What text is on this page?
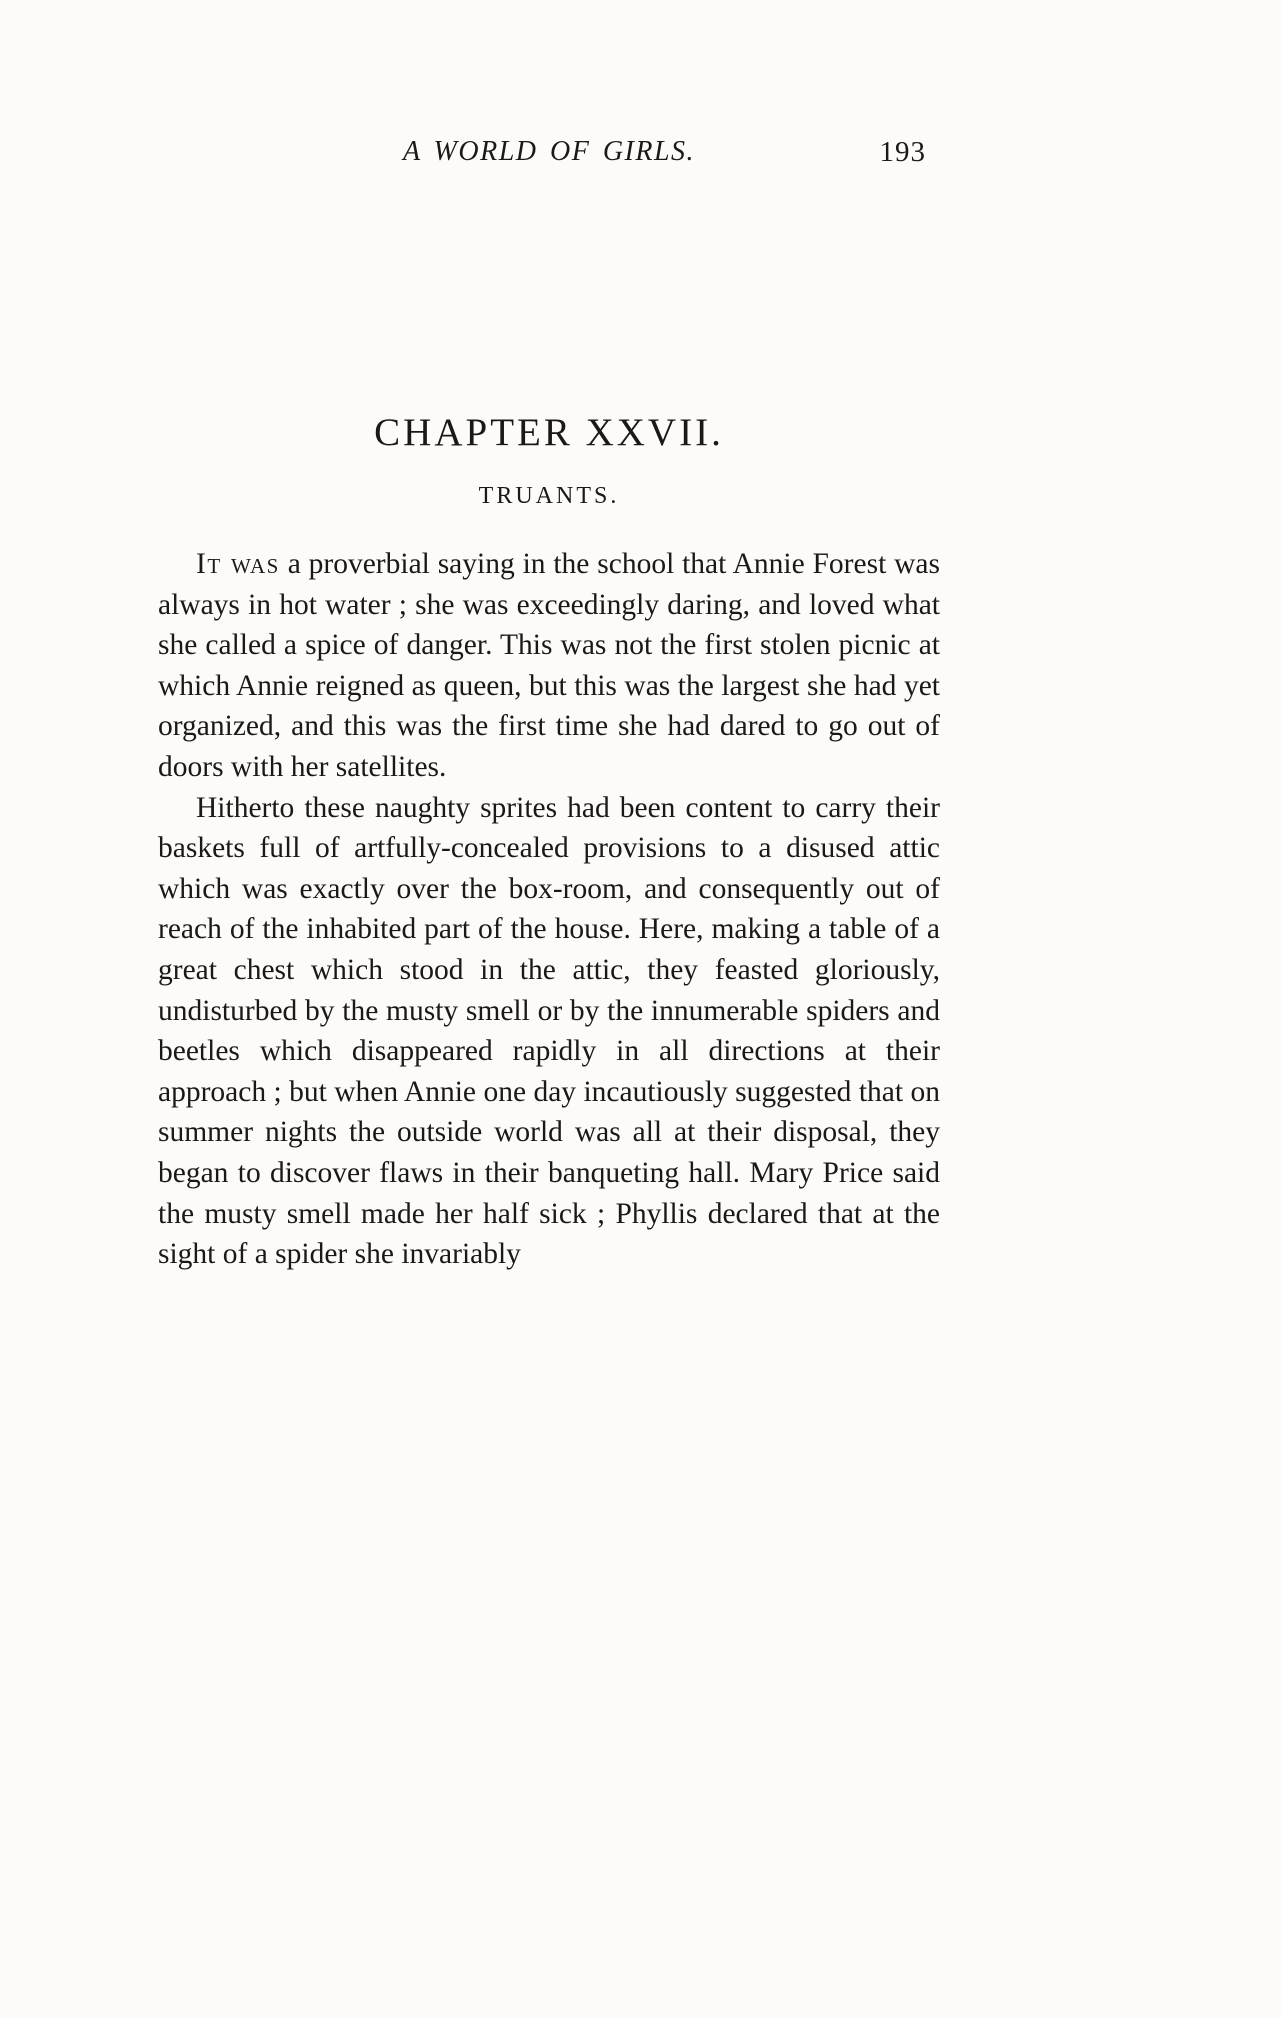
A WORLD OF GIRLS.	193
CHAPTER XXVII.
TRUANTS.

It was a proverbial saying in the school that Annie Forest was always in hot water ; she was exceedingly daring, and loved what she called a spice of danger. This was not the first stolen picnic at which Annie reigned as queen, but this was the largest she had yet organized, and this was the first time she had dared to go out of doors with her satellites.

Hitherto these naughty sprites had been content to carry their baskets full of artfully-concealed provisions to a disused attic which was exactly over the box-room, and consequently out of reach of the inhabited part of the house. Here, making a table of a great chest which stood in the attic, they feasted gloriously, undisturbed by the musty smell or by the innumerable spiders and beetles which disappeared rapidly in all directions at their approach ; but when Annie one day incautiously suggested that on summer nights the outside world was all at their disposal, they began to discover flaws in their banqueting hall. Mary Price said the musty smell made her half sick ; Phyllis declared that at the sight of a spider she invariably
